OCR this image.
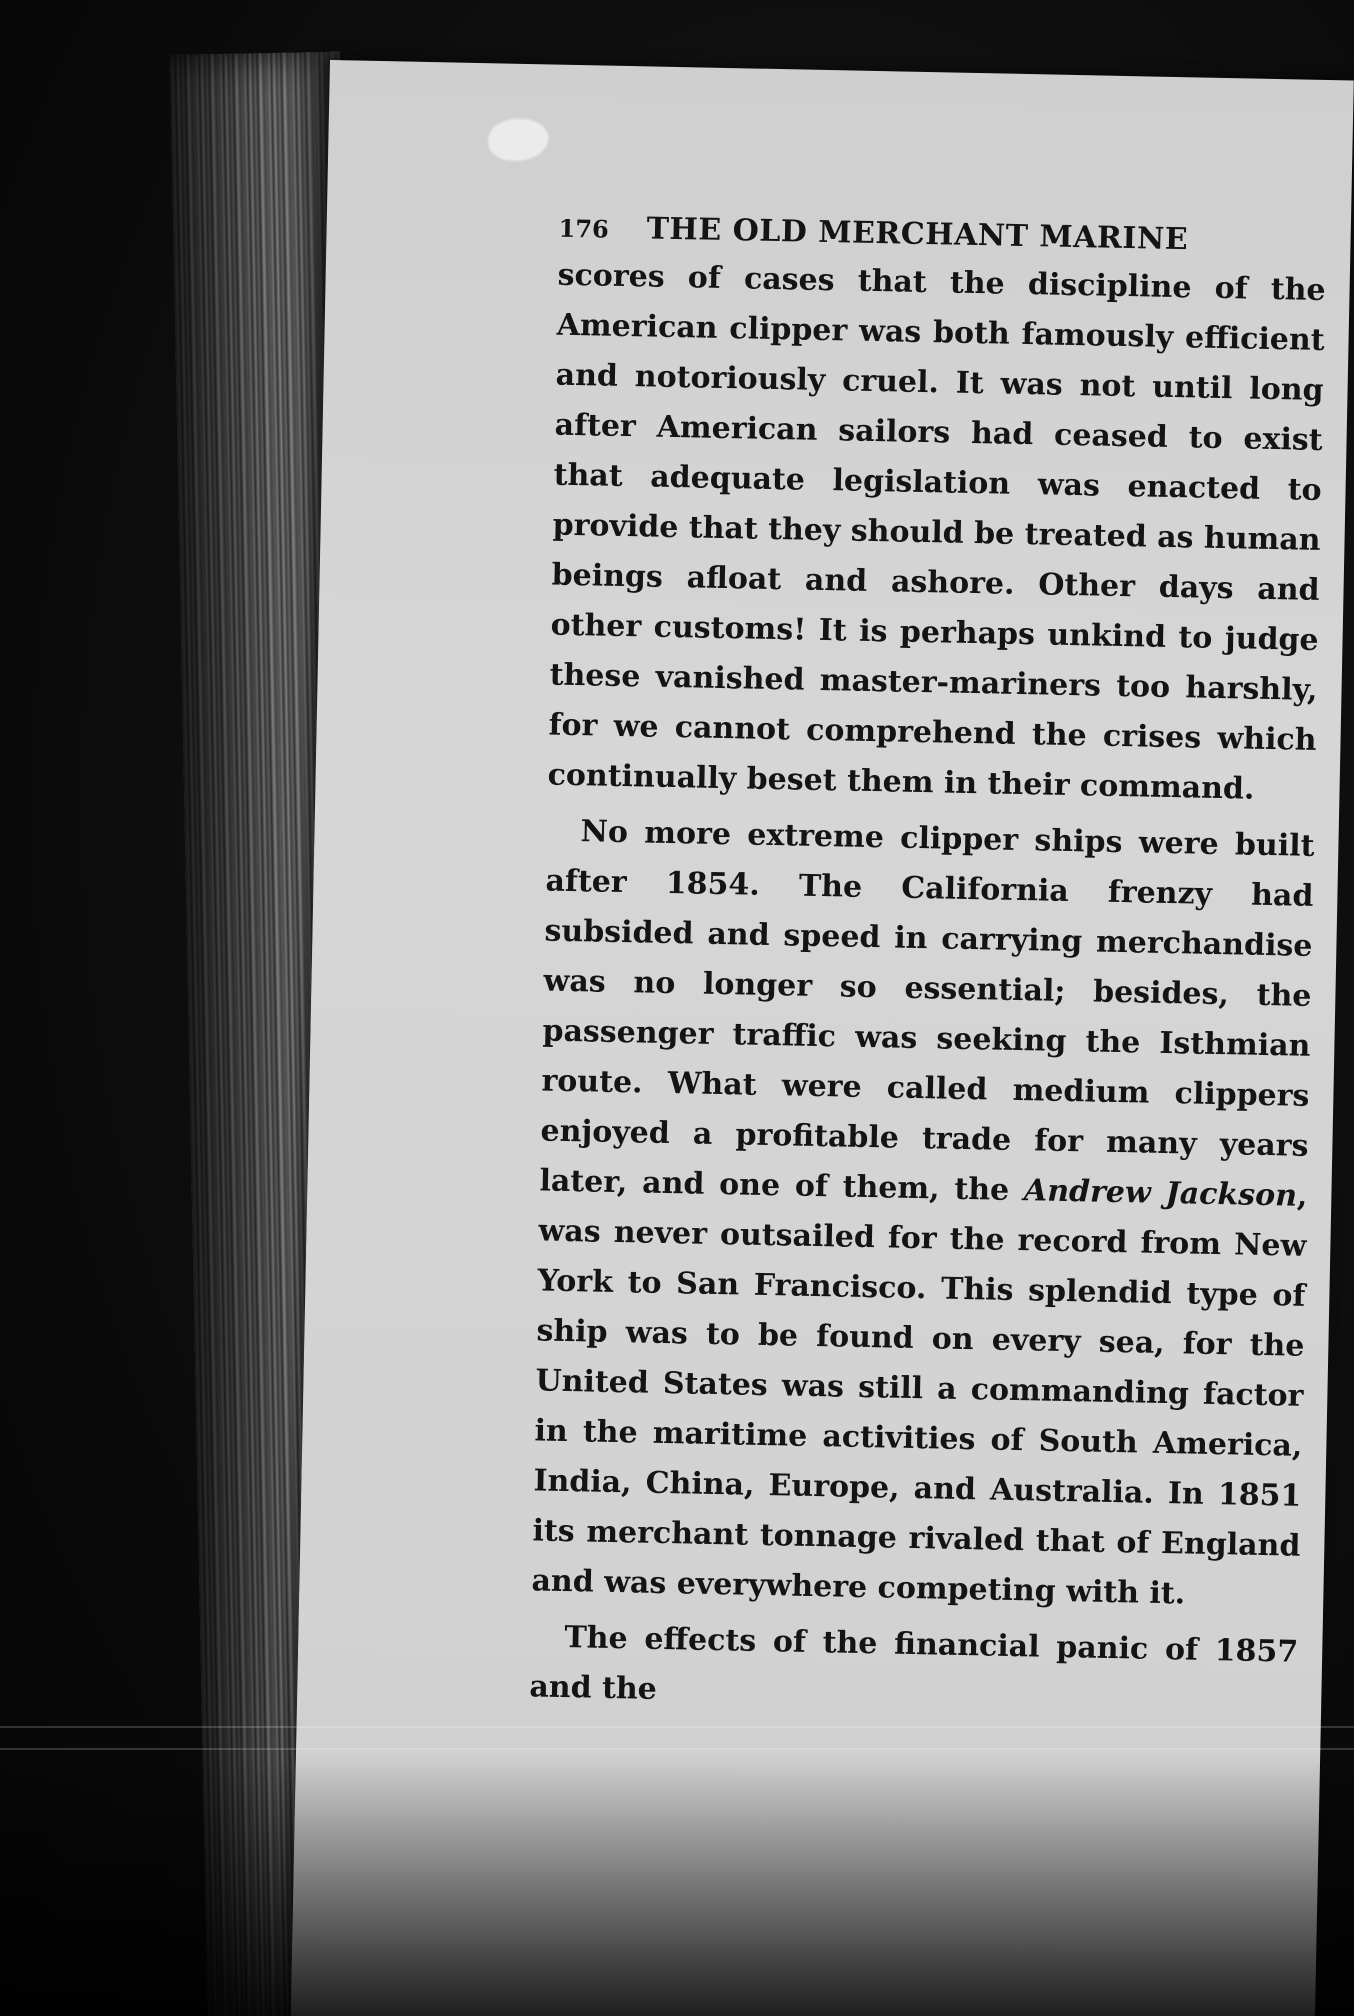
176	THE OLD MERCHANT MARINE

scores of cases that the discipline of the American clipper was both famously efficient and notoriously cruel. It was not until long after American sailors had ceased to exist that adequate legislation was enacted to provide that they should be treated as human beings afloat and ashore. Other days and other customs! It is perhaps unkind to judge these vanished master-mariners too harshly, for we cannot comprehend the crises which continually beset them in their command.

No more extreme clipper ships were built after 1854. The California frenzy had subsided and speed in carrying merchandise was no longer so essential; besides, the passenger traffic was seeking the Isthmian route. What were called medium clippers enjoyed a profitable trade for many years later, and one of them, the Andrew Jackson, was never outsailed for the record from New York to San Francisco. This splendid type of ship was to be found on every sea, for the United States was still a commanding factor in the maritime activities of South America, India, China, Europe, and Australia. In 1851 its merchant tonnage rivaled that of England and was everywhere competing with it.

The effects of the financial panic of 1857 and the
